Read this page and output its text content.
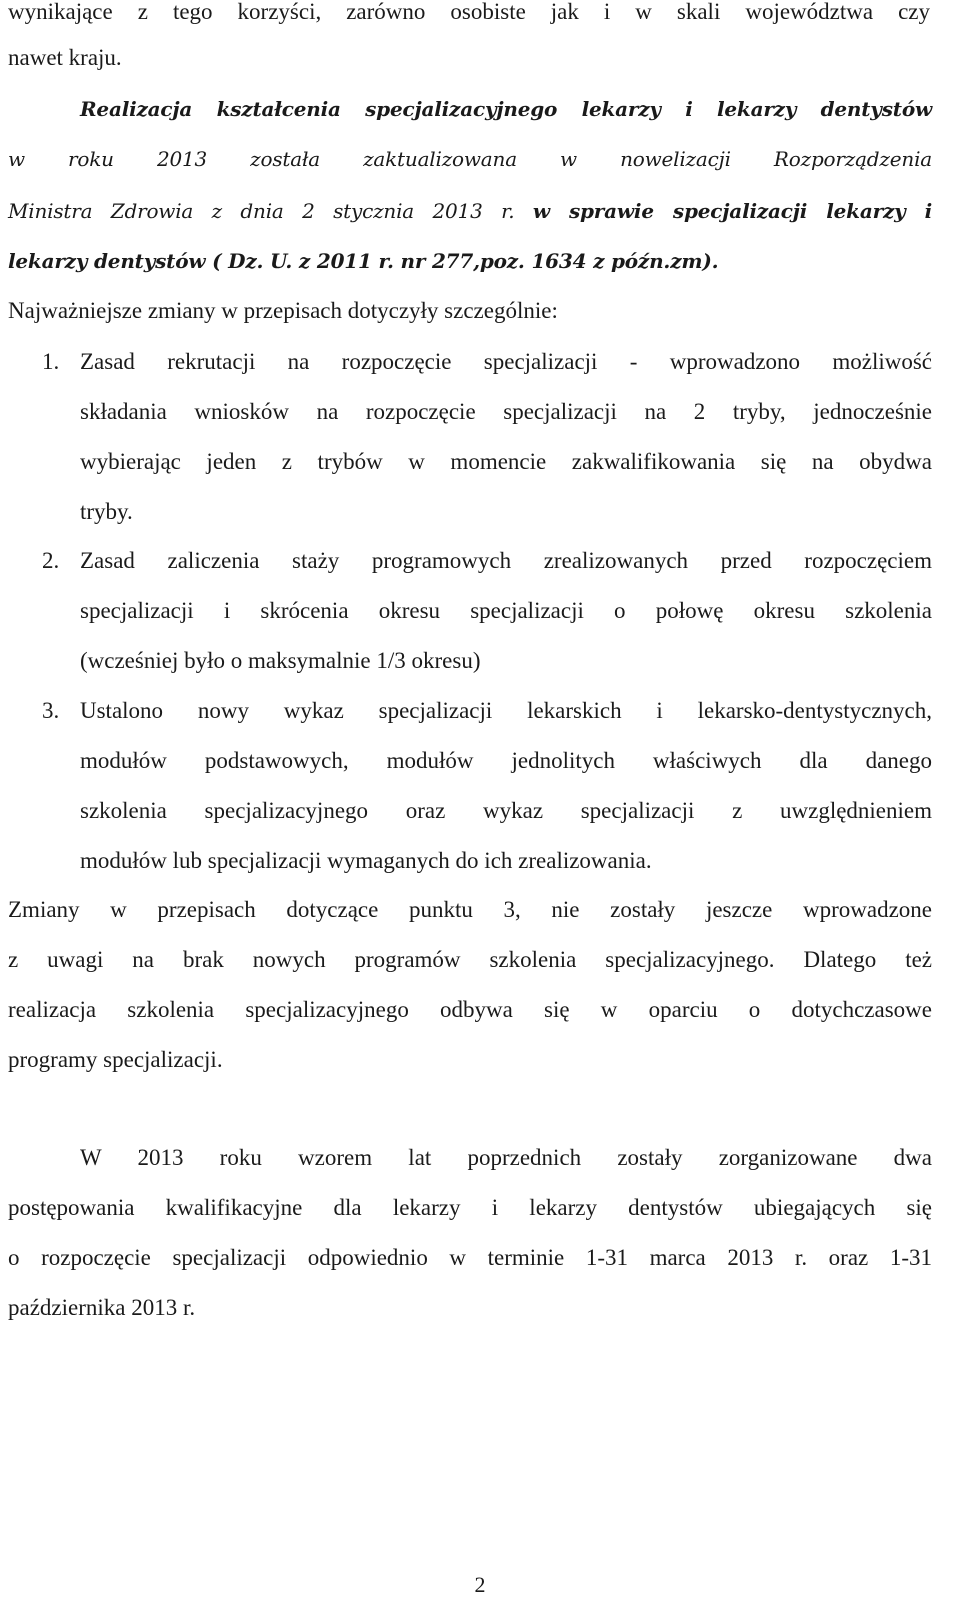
wynikające z tego korzyści, zarówno osobiste jak i w skali województwa czy
nawet kraju.
Realizacja kształcenia specjalizacyjnego lekarzy i lekarzy dentystów
w roku 2013 została zaktualizowana w nowelizacji Rozporządzenia
Ministra Zdrowia z dnia 2 stycznia 2013 r. w sprawie specjalizacji lekarzy i
lekarzy dentystów ( Dz. U. z 2011 r. nr 277,poz. 1634 z późn.zm).
Najważniejsze zmiany w przepisach dotyczyły szczególnie:
1. Zasad rekrutacji na rozpoczęcie specjalizacji - wprowadzono możliwość
składania wniosków na rozpoczęcie specjalizacji na 2 tryby, jednocześnie
wybierając jeden z trybów w momencie zakwalifikowania się na obydwa
tryby.
2. Zasad zaliczenia staży programowych zrealizowanych przed rozpoczęciem
specjalizacji i skrócenia okresu specjalizacji o połowę okresu szkolenia
(wcześniej było o maksymalnie 1/3 okresu)
3. Ustalono nowy wykaz specjalizacji lekarskich i lekarsko-dentystycznych,
modułów podstawowych, modułów jednolitych właściwych dla danego
szkolenia specjalizacyjnego oraz wykaz specjalizacji z uwzględnieniem
modułów lub specjalizacji wymaganych do ich zrealizowania.
Zmiany w przepisach dotyczące punktu 3, nie zostały jeszcze wprowadzone
z uwagi na brak nowych programów szkolenia specjalizacyjnego. Dlatego też
realizacja szkolenia specjalizacyjnego odbywa się w oparciu o dotychczasowe
programy specjalizacji.
W 2013 roku wzorem lat poprzednich zostały zorganizowane dwa
postępowania kwalifikacyjne dla lekarzy i lekarzy dentystów ubiegających się
o rozpoczęcie specjalizacji odpowiednio w terminie 1-31 marca 2013 r. oraz 1-31
października 2013 r.
2
